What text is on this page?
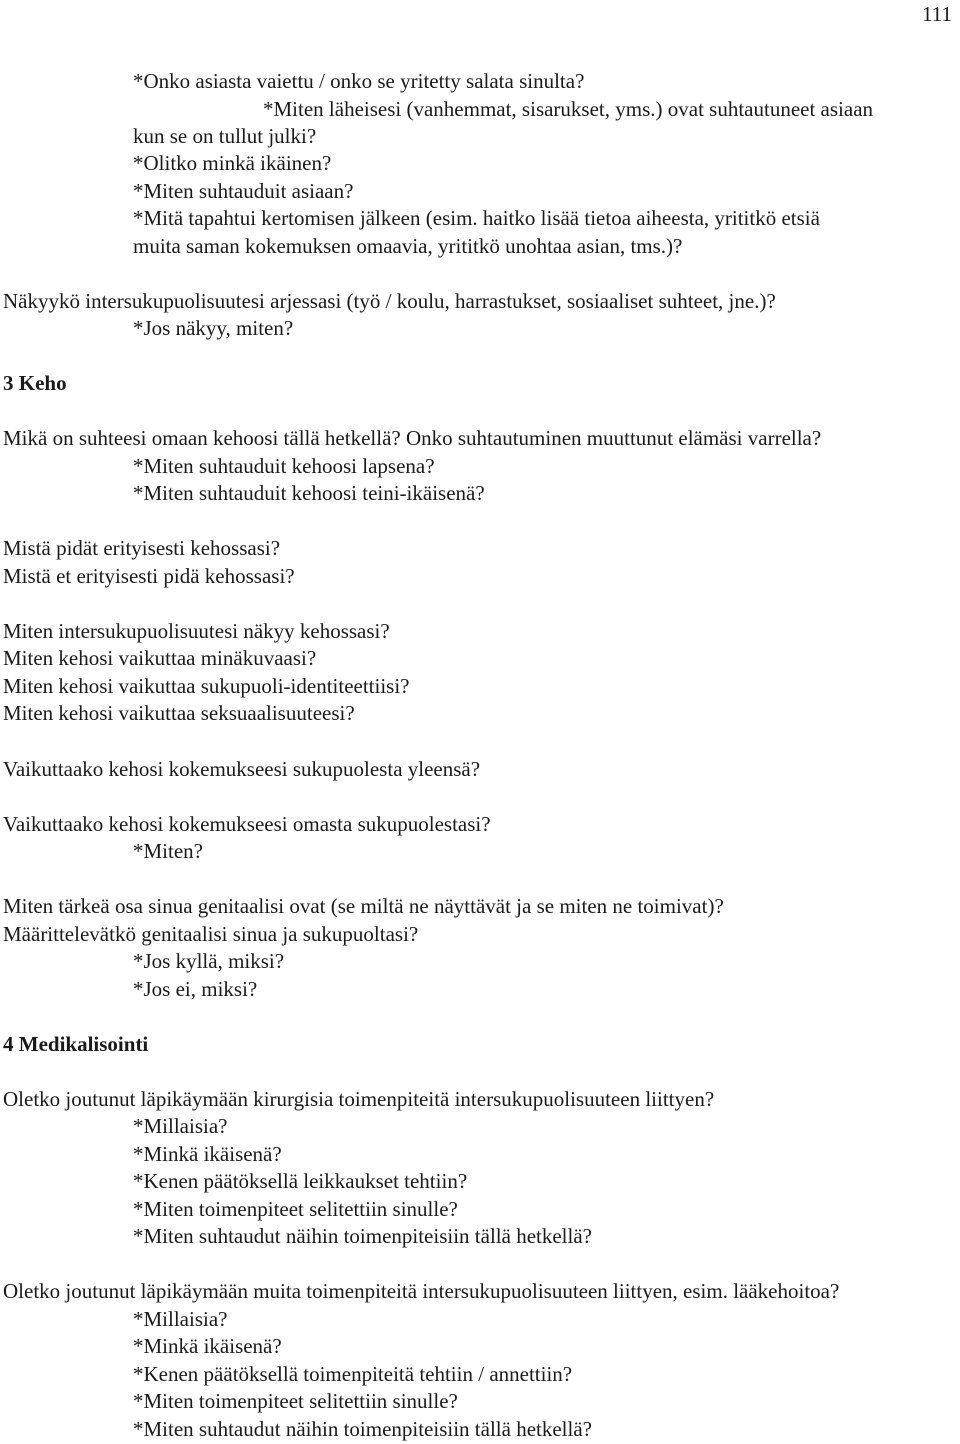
111
*Onko asiasta vaiettu / onko se yritetty salata sinulta?
*Miten läheisesi (vanhemmat, sisarukset, yms.) ovat suhtautuneet asiaan
kun se on tullut julki?
*Olitko minkä ikäinen?
*Miten suhtauduit asiaan?
*Mitä tapahtui kertomisen jälkeen (esim. haitko lisää tietoa aiheesta, yrititkö etsiä
muita saman kokemuksen omaavia, yrititkö unohtaa asian, tms.)?
Näkyykö intersukupuolisuutesi arjessasi (työ / koulu, harrastukset, sosiaaliset suhteet, jne.)?
*Jos näkyy, miten?
3 Keho
Mikä on suhteesi omaan kehoosi tällä hetkellä? Onko suhtautuminen muuttunut elämäsi varrella?
*Miten suhtauduit kehoosi lapsena?
*Miten suhtauduit kehoosi teini-ikäisenä?
Mistä pidät erityisesti kehossasi?
Mistä et erityisesti pidä kehossasi?
Miten intersukupuolisuutesi näkyy kehossasi?
Miten kehosi vaikuttaa minäkuvaasi?
Miten kehosi vaikuttaa sukupuoli-identiteettiisi?
Miten kehosi vaikuttaa seksuaalisuuteesi?
Vaikuttaako kehosi kokemukseesi sukupuolesta yleensä?
Vaikuttaako kehosi kokemukseesi omasta sukupuolestasi?
*Miten?
Miten tärkeä osa sinua genitaalisi ovat (se miltä ne näyttävät ja se miten ne toimivat)?
Määrittelevätkö genitaalisi sinua ja sukupuoltasi?
*Jos kyllä, miksi?
*Jos ei, miksi?
4 Medikalisointi
Oletko joutunut läpikäymään kirurgisia toimenpiteitä intersukupuolisuuteen liittyen?
*Millaisia?
*Minkä ikäisenä?
*Kenen päätöksellä leikkaukset tehtiin?
*Miten toimenpiteet selitettiin sinulle?
*Miten suhtaudut näihin toimenpiteisiin tällä hetkellä?
Oletko joutunut läpikäymään muita toimenpiteitä intersukupuolisuuteen liittyen, esim. lääkehoitoa?
*Millaisia?
*Minkä ikäisenä?
*Kenen päätöksellä toimenpiteitä tehtiin / annettiin?
*Miten toimenpiteet selitettiin sinulle?
*Miten suhtaudut näihin toimenpiteisiin tällä hetkellä?
